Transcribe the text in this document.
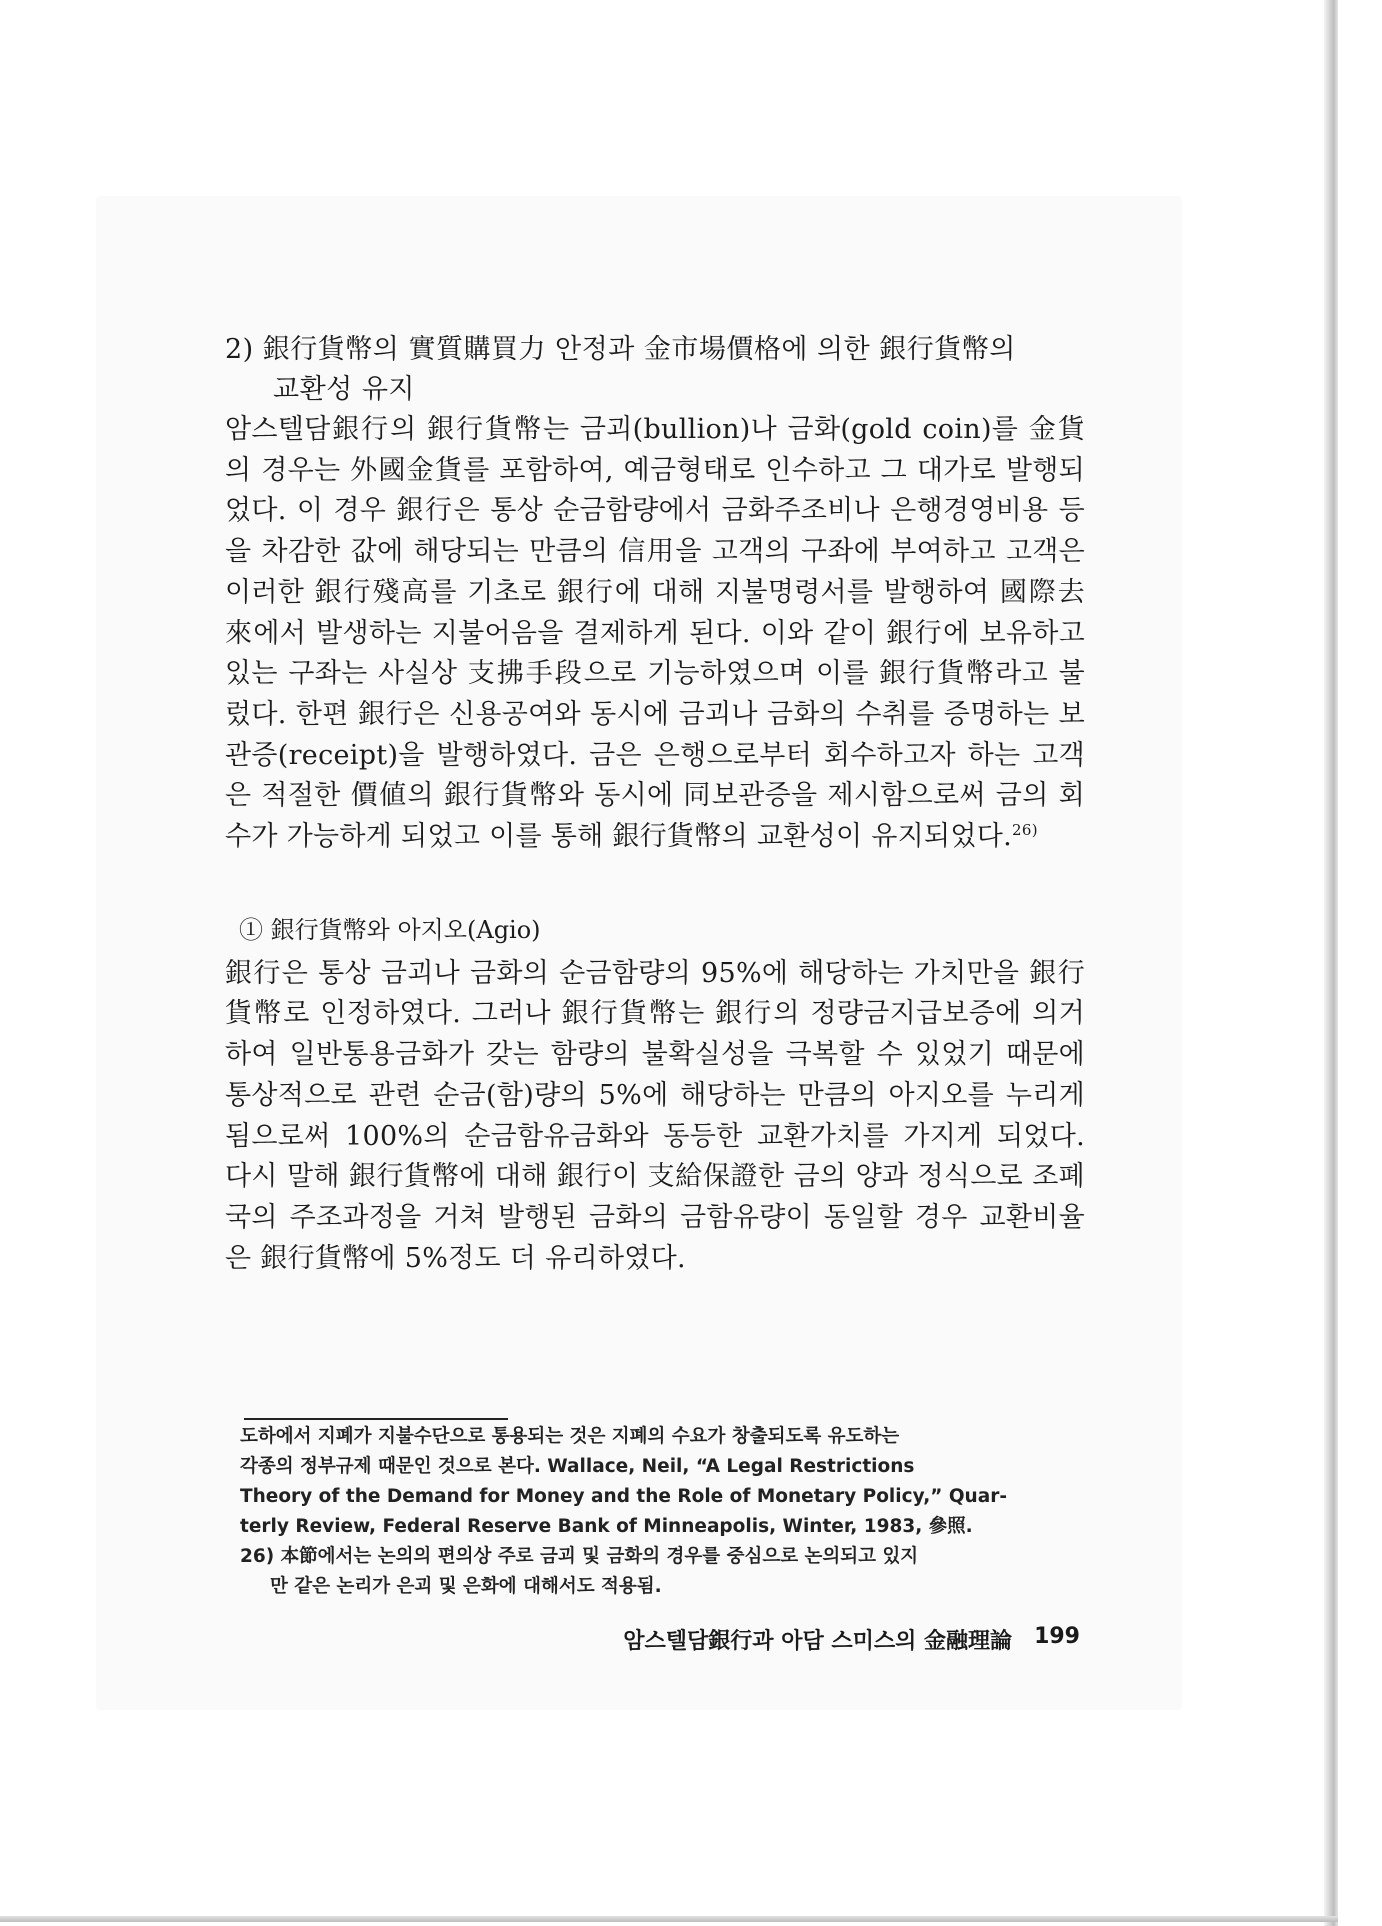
2) 銀行貨幣의 實質購買力 안정과 金市場價格에 의한 銀行貨幣의

교환성 유지

암스텔담銀行의 銀行貨幣는 금괴(bullion)나 금화(gold coin)를 金貨의 경우는 外國金貨를 포함하여, 예금형태로 인수하고 그 대가로 발행되었다. 이 경우 銀行은 통상 순금함량에서 금화주조비나 은행경영비용 등을 차감한 값에 해당되는 만큼의 信用을 고객의 구좌에 부여하고 고객은 이러한 銀行殘高를 기초로 銀行에 대해 지불명령서를 발행하여 國際去來에서 발생하는 지불어음을 결제하게 된다. 이와 같이 銀行에 보유하고 있는 구좌는 사실상 支拂手段으로 기능하였으며 이를 銀行貨幣라고 불렀다. 한편 銀行은 신용공여와 동시에 금괴나 금화의 수취를 증명하는 보관증(receipt)을 발행하였다. 금은 은행으로부터 회수하고자 하는 고객은 적절한 價値의 銀行貨幣와 동시에 同보관증을 제시함으로써 금의 회수가 가능하게 되었고 이를 통해 銀行貨幣의 교환성이 유지되었다.$^{26)}$

① 銀行貨幣와 아지오(Agio)

銀行은 통상 금괴나 금화의 순금함량의 95%에 해당하는 가치만을 銀行貨幣로 인정하였다. 그러나 銀行貨幣는 銀行의 정량금지급보증에 의거하여 일반통용금화가 갖는 함량의 불확실성을 극복할 수 있었기 때문에 통상적으로 관련 순금(함)량의 5%에 해당하는 만큼의 아지오를 누리게 됨으로써 100%의 순금함유금화와 동등한 교환가치를 가지게 되었다. 다시 말해 銀行貨幣에 대해 銀行이 支給保證한 금의 양과 정식으로 조폐국의 주조과정을 거쳐 발행된 금화의 금함유량이 동일할 경우 교환비율은 銀行貨幣에 5%정도 더 유리하였다.

도하에서 지폐가 지불수단으로 통용되는 것은 지폐의 수요가 창출되도록 유도하는

각종의 정부규제 때문인 것으로 본다. Wallace, Neil, “A Legal Restrictions

Theory of the Demand for Money and the Role of Monetary Policy,” Quar-

terly Review, Federal Reserve Bank of Minneapolis, Winter, 1983, 參照.

26) 本節에서는 논의의 편의상 주로 금괴 및 금화의 경우를 중심으로 논의되고 있지

만 같은 논리가 은괴 및 은화에 대해서도 적용됨.

암스텔담銀行과 아담 스미스의 金融理論 199
